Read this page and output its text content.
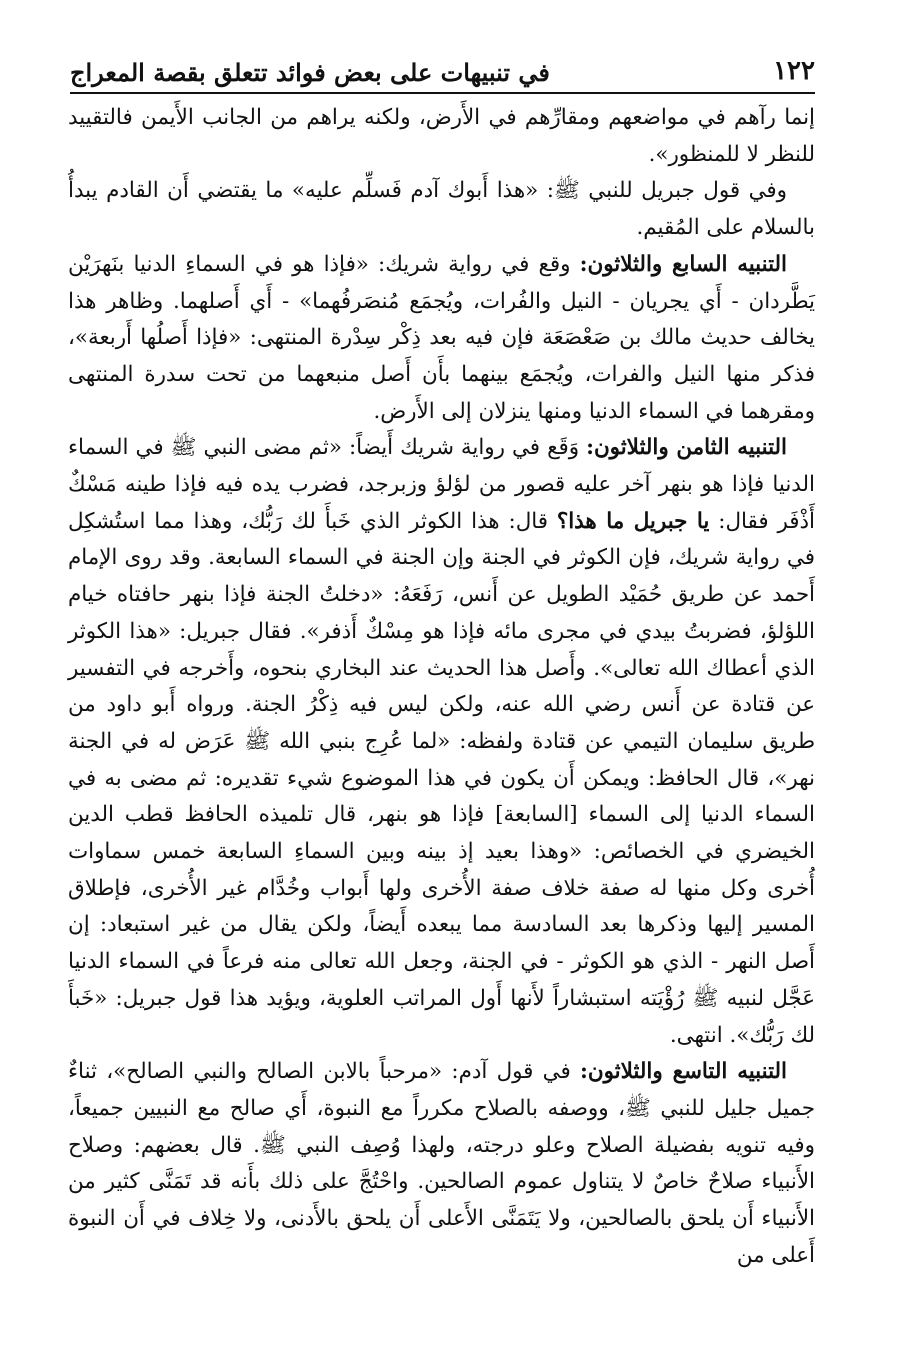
١٢٢
في تنبيهات على بعض فوائد تتعلق بقصة المعراج

إنما رآهم في مواضعهم ومقارِّهم في الأَرض، ولكنه يراهم من الجانب الأَيمن فالتقييد للنظر لا للمنظور».

وفي قول جبريل للنبي ﷺ: «هذا أَبوك آدم فَسلِّم عليه» ما يقتضي أَن القادم يبدأُ بالسلام على المُقيم.

التنبيه السابع والثلاثون: وقع في رواية شريك: «فإذا هو في السماءِ الدنيا بنَهرَيْن يَطَّردان - أَي يجريان - النيل والفُرات، ويُجمَع مُنصَرفُهما» - أَي أَصلهما. وظاهر هذا يخالف حديث مالك بن صَعْصَعَة فإن فيه بعد ذِكْر سِدْرة المنتهى: «فإذا أَصلُها أَربعة»، فذكر منها النيل والفرات، ويُجمَع بينهما بأَن أَصل منبعهما من تحت سدرة المنتهى ومقرهما في السماء الدنيا ومنها ينزلان إلى الأَرض.

التنبيه الثامن والثلاثون: وَقَع في رواية شريك أَيضاً: «ثم مضى النبي ﷺ في السماء الدنيا فإذا هو بنهر آخر عليه قصور من لؤلؤ وزبرجد، فضرب يده فيه فإذا طينه مَسْكٌ أَذْفَر فقال: يا جبريل ما هذا؟ قال: هذا الكوثر الذي خَبأَ لك رَبُّك، وهذا مما استُشكِل في رواية شريك، فإن الكوثر في الجنة وإن الجنة في السماء السابعة. وقد روى الإمام أَحمد عن طريق حُمَيْد الطويل عن أَنس، رَفَعَهُ: «دخلتُ الجنة فإذا بنهر حافتاه خيام اللؤلؤ، فضربتُ بيدي في مجرى مائه فإذا هو مِسْكٌ أَذفر». فقال جبريل: «هذا الكوثر الذي أعطاك الله تعالى». وأَصل هذا الحديث عند البخاري بنحوه، وأَخرجه في التفسير عن قتادة عن أَنس رضي الله عنه، ولكن ليس فيه ذِكْرُ الجنة. ورواه أَبو داود من طريق سليمان التيمي عن قتادة ولفظه: «لما عُرِج بنبي الله ﷺ عَرَض له في الجنة نهر»، قال الحافظ: ويمكن أَن يكون في هذا الموضوع شيء تقديره: ثم مضى به في السماء الدنيا إلى السماء [السابعة] فإذا هو بنهر، قال تلميذه الحافظ قطب الدين الخيضري في الخصائص: «وهذا بعيد إذ بينه وبين السماءِ السابعة خمس سماوات أُخرى وكل منها له صفة خلاف صفة الأُخرى ولها أَبواب وخُدَّام غير الأُخرى، فإطلاق المسير إليها وذكرها بعد السادسة مما يبعده أَيضاً، ولكن يقال من غير استبعاد: إن أَصل النهر - الذي هو الكوثر - في الجنة، وجعل الله تعالى منه فرعاً في السماء الدنيا عَجَّل لنبيه ﷺ رُؤْيَته استبشاراً لأَنها أَول المراتب العلوية، ويؤيد هذا قول جبريل: «خَبأَ لك رَبُّك». انتهى.

التنبيه التاسع والثلاثون: في قول آدم: «مرحباً بالابن الصالح والنبي الصالح»، ثناءٌ جميل جليل للنبي ﷺ، ووصفه بالصلاح مكرراً مع النبوة، أَي صالح مع النبيين جميعاً، وفيه تنويه بفضيلة الصلاح وعلو درجته، ولهذا وُصِف النبي ﷺ. قال بعضهم: وصلاح الأَنبياء صلاحٌ خاصٌ لا يتناول عموم الصالحين. واحْتُجَّ على ذلك بأَنه قد تَمَنَّى كثير من الأَنبياء أَن يلحق بالصالحين، ولا يَتَمَنَّى الأَعلى أَن يلحق بالأَدنى، ولا خِلاف في أَن النبوة أَعلى من
